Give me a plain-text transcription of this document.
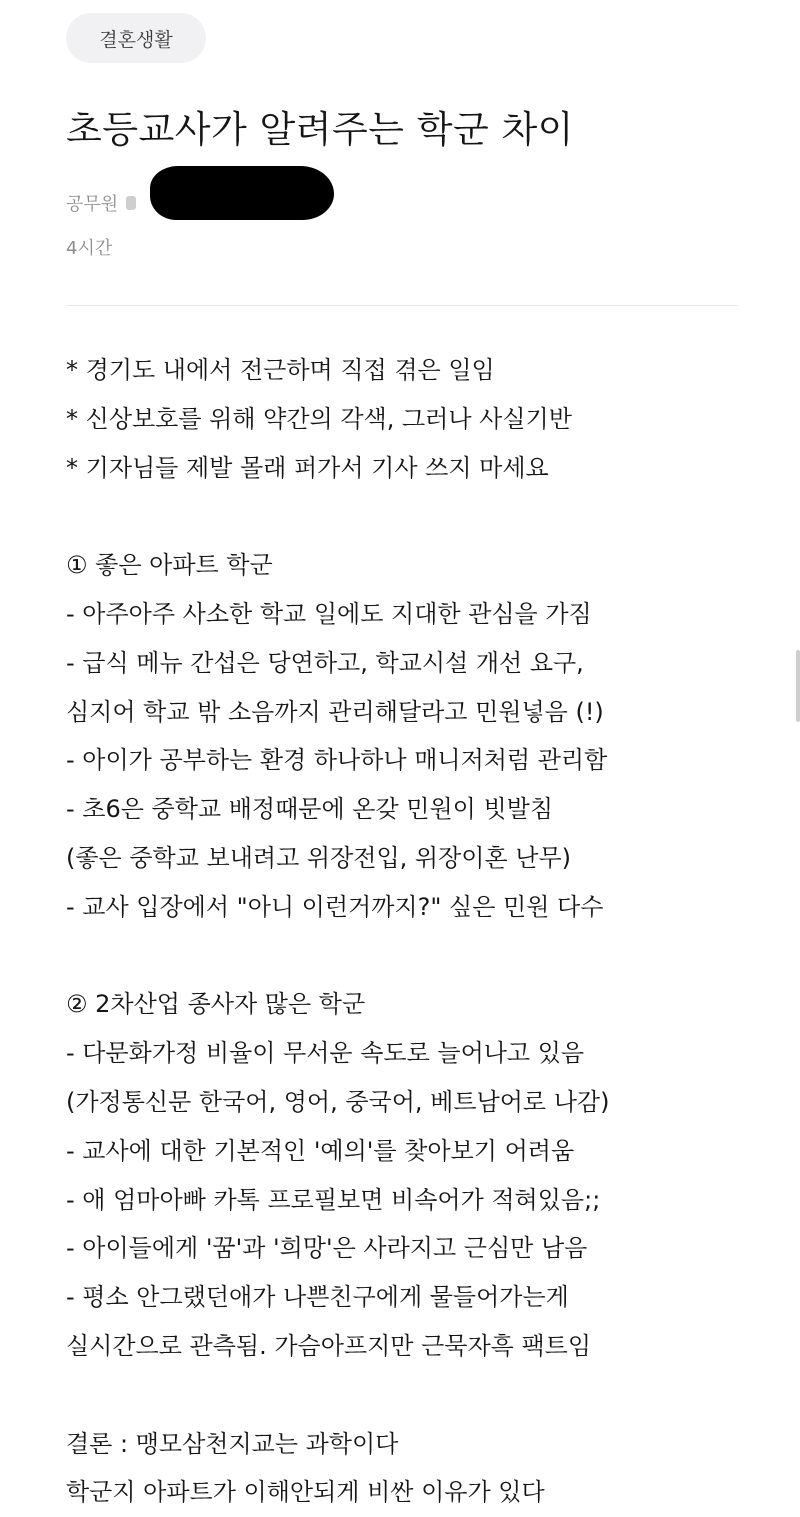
결혼생활
초등교사가 알려주는 학군 차이
공무원
4시간
* 경기도 내에서 전근하며 직접 겪은 일임
* 신상보호를 위해 약간의 각색, 그러나 사실기반
* 기자님들 제발 몰래 퍼가서 기사 쓰지 마세요
① 좋은 아파트 학군
- 아주아주 사소한 학교 일에도 지대한 관심을 가짐
- 급식 메뉴 간섭은 당연하고, 학교시설 개선 요구,
심지어 학교 밖 소음까지 관리해달라고 민원넣음 (!)
- 아이가 공부하는 환경 하나하나 매니저처럼 관리함
- 초6은 중학교 배정때문에 온갖 민원이 빗발침
(좋은 중학교 보내려고 위장전입, 위장이혼 난무)
- 교사 입장에서 "아니 이런거까지?" 싶은 민원 다수
② 2차산업 종사자 많은 학군
- 다문화가정 비율이 무서운 속도로 늘어나고 있음
(가정통신문 한국어, 영어, 중국어, 베트남어로 나감)
- 교사에 대한 기본적인 '예의'를 찾아보기 어려움
- 애 엄마아빠 카톡 프로필보면 비속어가 적혀있음;;
- 아이들에게 '꿈'과 '희망'은 사라지고 근심만 남음
- 평소 안그랬던애가 나쁜친구에게 물들어가는게
실시간으로 관측됨. 가슴아프지만 근묵자흑 팩트임
결론 : 맹모삼천지교는 과학이다
학군지 아파트가 이해안되게 비싼 이유가 있다
